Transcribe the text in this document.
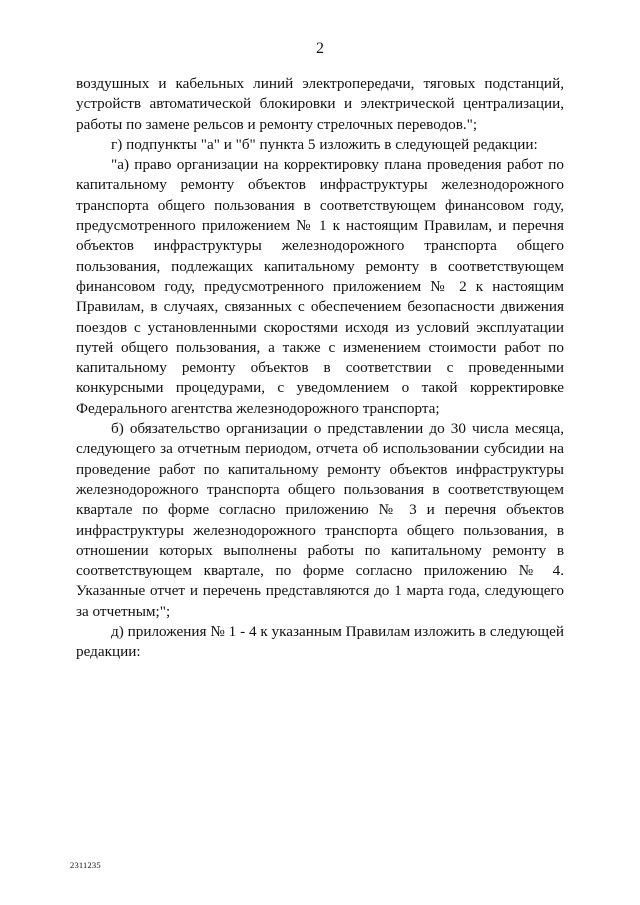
2

воздушных и кабельных линий электропередачи, тяговых подстанций, устройств автоматической блокировки и электрической централизации, работы по замене рельсов и ремонту стрелочных переводов.";

г) подпункты "а" и "б" пункта 5 изложить в следующей редакции:

"а) право организации на корректировку плана проведения работ по капитальному ремонту объектов инфраструктуры железнодорожного транспорта общего пользования в соответствующем финансовом году, предусмотренного приложением № 1 к настоящим Правилам, и перечня объектов инфраструктуры железнодорожного транспорта общего пользования, подлежащих капитальному ремонту в соответствующем финансовом году, предусмотренного приложением № 2 к настоящим Правилам, в случаях, связанных с обеспечением безопасности движения поездов с установленными скоростями исходя из условий эксплуатации путей общего пользования, а также с изменением стоимости работ по капитальному ремонту объектов в соответствии с проведенными конкурсными процедурами, с уведомлением о такой корректировке Федерального агентства железнодорожного транспорта;

б) обязательство организации о представлении до 30 числа месяца, следующего за отчетным периодом, отчета об использовании субсидии на проведение работ по капитальному ремонту объектов инфраструктуры железнодорожного транспорта общего пользования в соответствующем квартале по форме согласно приложению № 3 и перечня объектов инфраструктуры железнодорожного транспорта общего пользования, в отношении которых выполнены работы по капитальному ремонту в соответствующем квартале, по форме согласно приложению № 4. Указанные отчет и перечень представляются до 1 марта года, следующего за отчетным;";

д) приложения № 1 - 4 к указанным Правилам изложить в следующей редакции:

2311235
